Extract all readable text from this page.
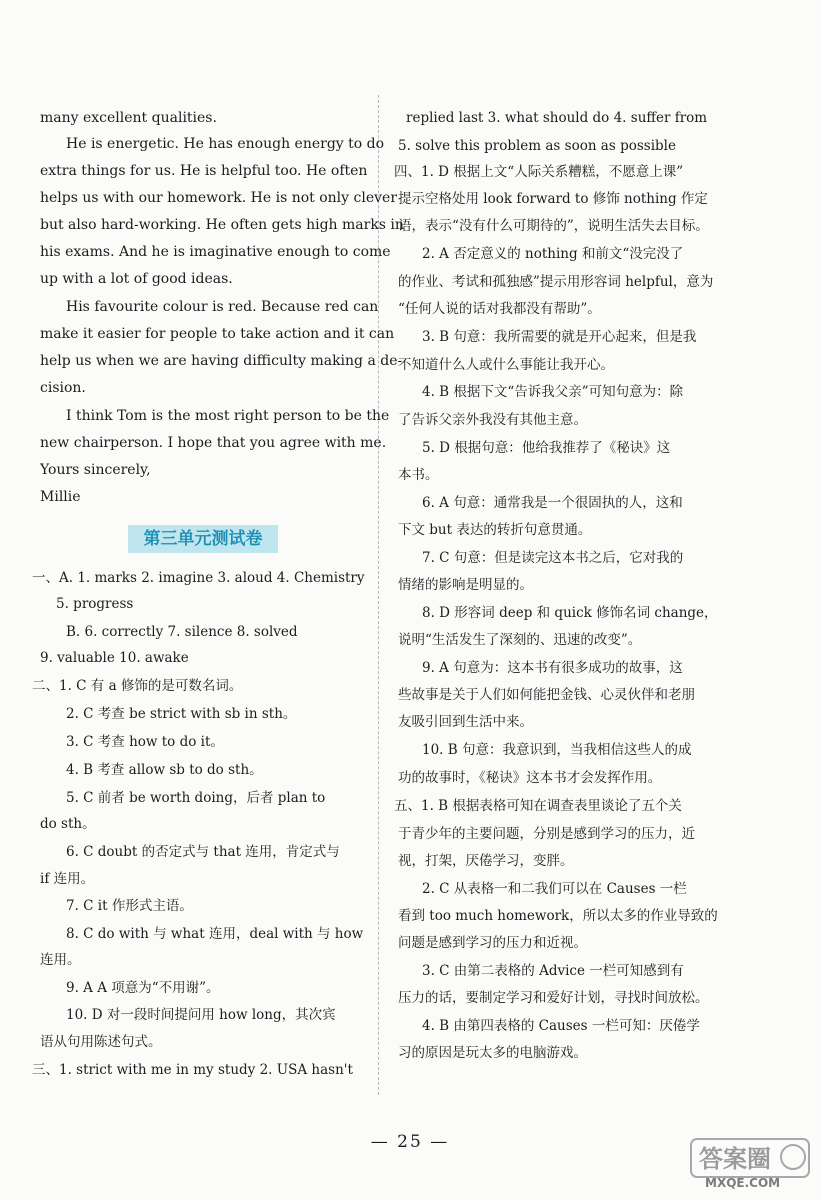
many excellent qualities.
He is energetic. He has enough energy to do
extra things for us. He is helpful too. He often
helps us with our homework. He is not only clever
but also hard-working. He often gets high marks in
his exams. And he is imaginative enough to come
up with a lot of good ideas.
His favourite colour is red. Because red can
make it easier for people to take action and it can
help us when we are having difficulty making a de-
cision.
I think Tom is the most right person to be the
new chairperson. I hope that you agree with me.
Yours sincerely,
Millie
第三单元测试卷
一、A. 1. marks 2. imagine 3. aloud 4. Chemistry
5. progress
B. 6. correctly 7. silence 8. solved
9. valuable 10. awake
二、1. C 有 a 修饰的是可数名词。
2. C 考查 be strict with sb in sth。
3. C 考查 how to do it。
4. B 考查 allow sb to do sth。
5. C 前者 be worth doing，后者 plan to
do sth。
6. C doubt 的否定式与 that 连用，肯定式与
if 连用。
7. C it 作形式主语。
8. C do with 与 what 连用，deal with 与 how
连用。
9. A A 项意为“不用谢”。
10. D 对一段时间提问用 how long，其次宾
语从句用陈述句式。
三、1. strict with me in my study 2. USA hasn't
replied last 3. what should do 4. suffer from
5. solve this problem as soon as possible
四、1. D 根据上文“人际关系糟糕，不愿意上课”
提示空格处用 look forward to 修饰 nothing 作定
语，表示“没有什么可期待的”，说明生活失去目标。
2. A 否定意义的 nothing 和前文“没完没了
的作业、考试和孤独感”提示用形容词 helpful，意为
“任何人说的话对我都没有帮助”。
3. B 句意：我所需要的就是开心起来，但是我
不知道什么人或什么事能让我开心。
4. B 根据下文“告诉我父亲”可知句意为：除
了告诉父亲外我没有其他主意。
5. D 根据句意：他给我推荐了《秘诀》这
本书。
6. A 句意：通常我是一个很固执的人，这和
下文 but 表达的转折句意贯通。
7. C 句意：但是读完这本书之后，它对我的
情绪的影响是明显的。
8. D 形容词 deep 和 quick 修饰名词 change，
说明“生活发生了深刻的、迅速的改变”。
9. A 句意为：这本书有很多成功的故事，这
些故事是关于人们如何能把金钱、心灵伙伴和老朋
友吸引回到生活中来。
10. B 句意：我意识到，当我相信这些人的成
功的故事时，《秘诀》这本书才会发挥作用。
五、1. B 根据表格可知在调查表里谈论了五个关
于青少年的主要问题，分别是感到学习的压力，近
视，打架，厌倦学习，变胖。
2. C 从表格一和二我们可以在 Causes 一栏
看到 too much homework，所以太多的作业导致的
问题是感到学习的压力和近视。
3. C 由第二表格的 Advice 一栏可知感到有
压力的话，要制定学习和爱好计划，寻找时间放松。
4. B 由第四表格的 Causes 一栏可知：厌倦学
习的原因是玩太多的电脑游戏。
— 25 —
答案圈
MXQE.COM
